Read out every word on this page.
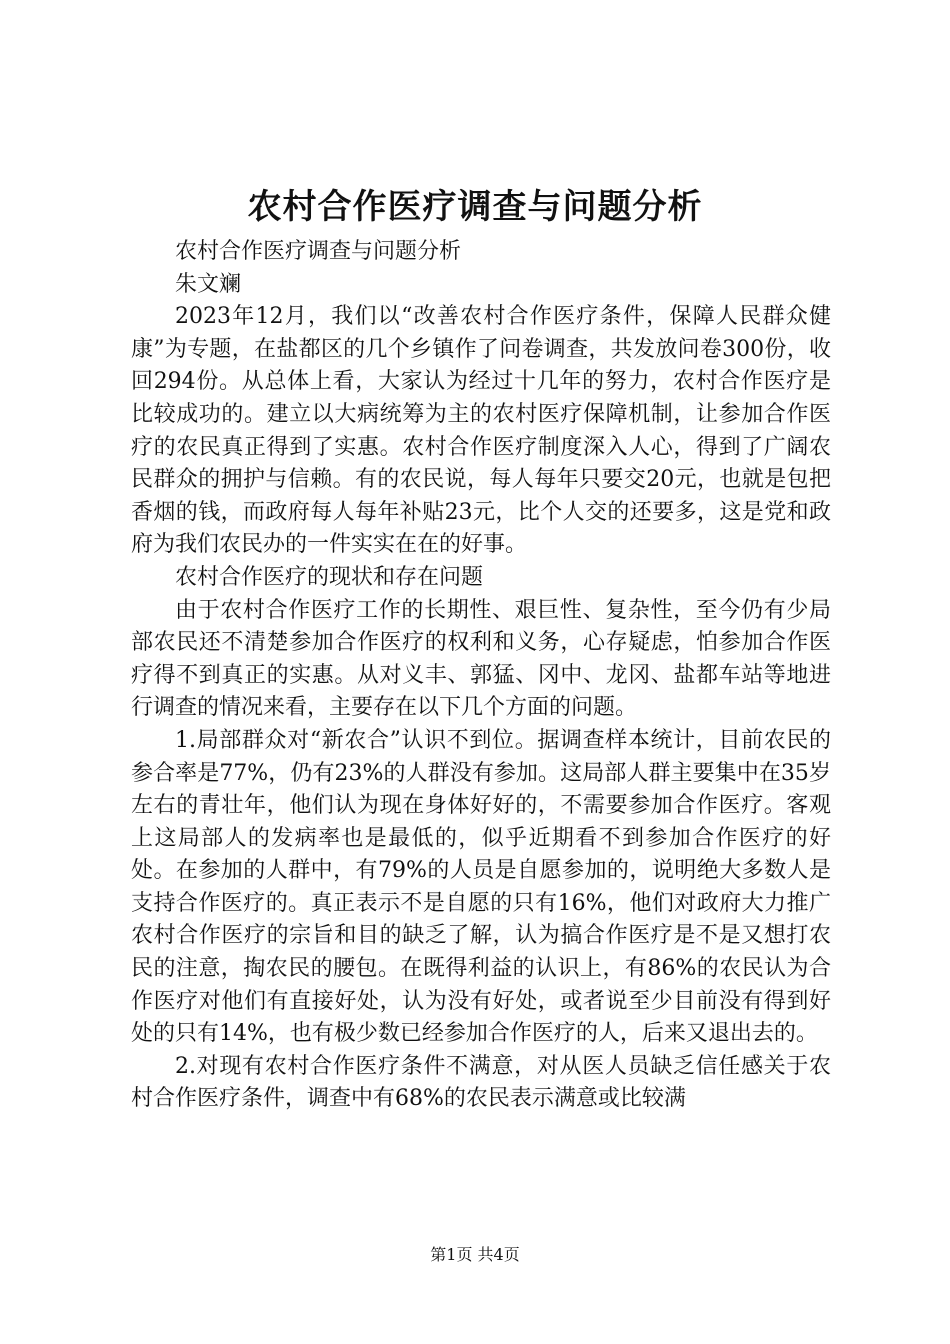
农村合作医疗调查与问题分析

农村合作医疗调查与问题分析

朱文斓

2023年12月，我们以“改善农村合作医疗条件，保障人民群众健康”为专题，在盐都区的几个乡镇作了问卷调查，共发放问卷300份，收回294份。从总体上看，大家认为经过十几年的努力，农村合作医疗是比较成功的。建立以大病统筹为主的农村医疗保障机制，让参加合作医疗的农民真正得到了实惠。农村合作医疗制度深入人心，得到了广阔农民群众的拥护与信赖。有的农民说，每人每年只要交20元，也就是包把香烟的钱，而政府每人每年补贴23元，比个人交的还要多，这是党和政府为我们农民办的一件实实在在的好事。

农村合作医疗的现状和存在问题

由于农村合作医疗工作的长期性、艰巨性、复杂性，至今仍有少局部农民还不清楚参加合作医疗的权利和义务，心存疑虑，怕参加合作医疗得不到真正的实惠。从对义丰、郭猛、冈中、龙冈、盐都车站等地进行调查的情况来看，主要存在以下几个方面的问题。

1.局部群众对“新农合”认识不到位。据调查样本统计，目前农民的参合率是77%，仍有23%的人群没有参加。这局部人群主要集中在35岁左右的青壮年，他们认为现在身体好好的，不需要参加合作医疗。客观上这局部人的发病率也是最低的，似乎近期看不到参加合作医疗的好处。在参加的人群中，有79%的人员是自愿参加的，说明绝大多数人是支持合作医疗的。真正表示不是自愿的只有16%，他们对政府大力推广农村合作医疗的宗旨和目的缺乏了解，认为搞合作医疗是不是又想打农民的注意，掏农民的腰包。在既得利益的认识上，有86%的农民认为合作医疗对他们有直接好处，认为没有好处，或者说至少目前没有得到好处的只有14%，也有极少数已经参加合作医疗的人，后来又退出去的。

2.对现有农村合作医疗条件不满意，对从医人员缺乏信任感关于农村合作医疗条件，调查中有68%的农民表示满意或比较满

第1页 共4页
